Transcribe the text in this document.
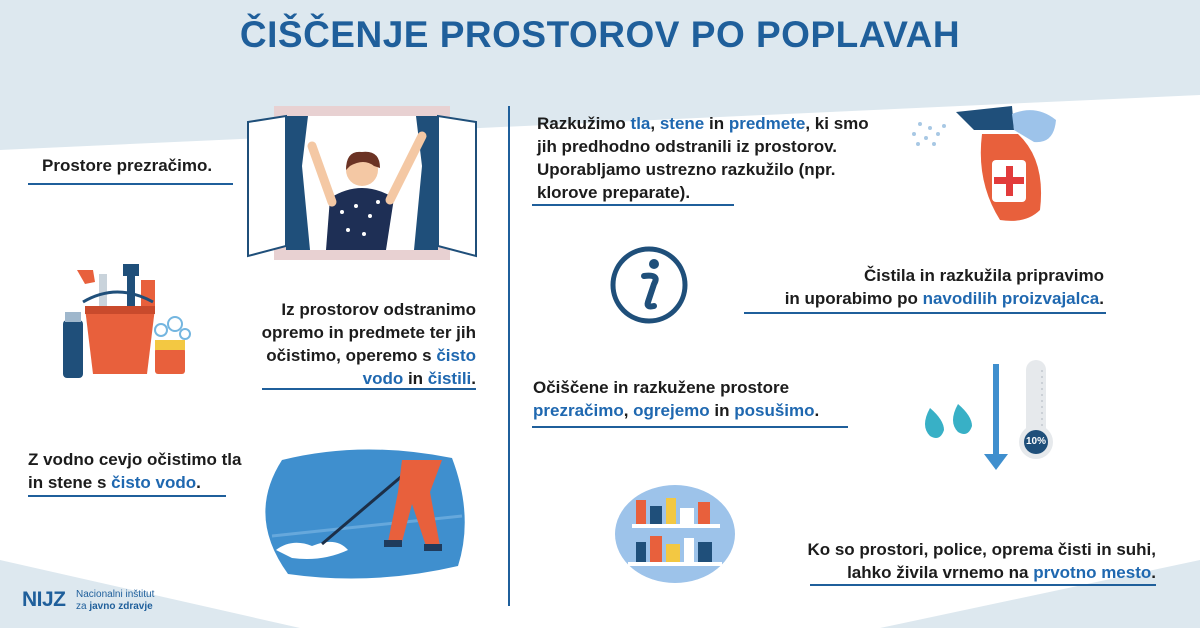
ČIŠČENJE PROSTOROV PO POPLAVAH
Prostore prezračimo.
Iz prostorov odstranimo
opremo in predmete ter jih
očistimo, operemo s čisto
vodo in čistili.
Z vodno cevjo očistimo tla
in stene s čisto vodo.
Razkužimo tla, stene in predmete, ki smo
jih predhodno odstranili iz prostorov.
Uporabljamo ustrezno razkužilo (npr.
klorove preparate).
Čistila in razkužila pripravimo
in uporabimo po navodilih proizvajalca.
Očiščene in razkužene prostore
prezračimo, ogrejemo in posušimo.
10%
Ko so prostori, police, oprema čisti in suhi,
lahko živila vrnemo na prvotno mesto.
NIJZ Nacionalni inštitut
za javno zdravje
